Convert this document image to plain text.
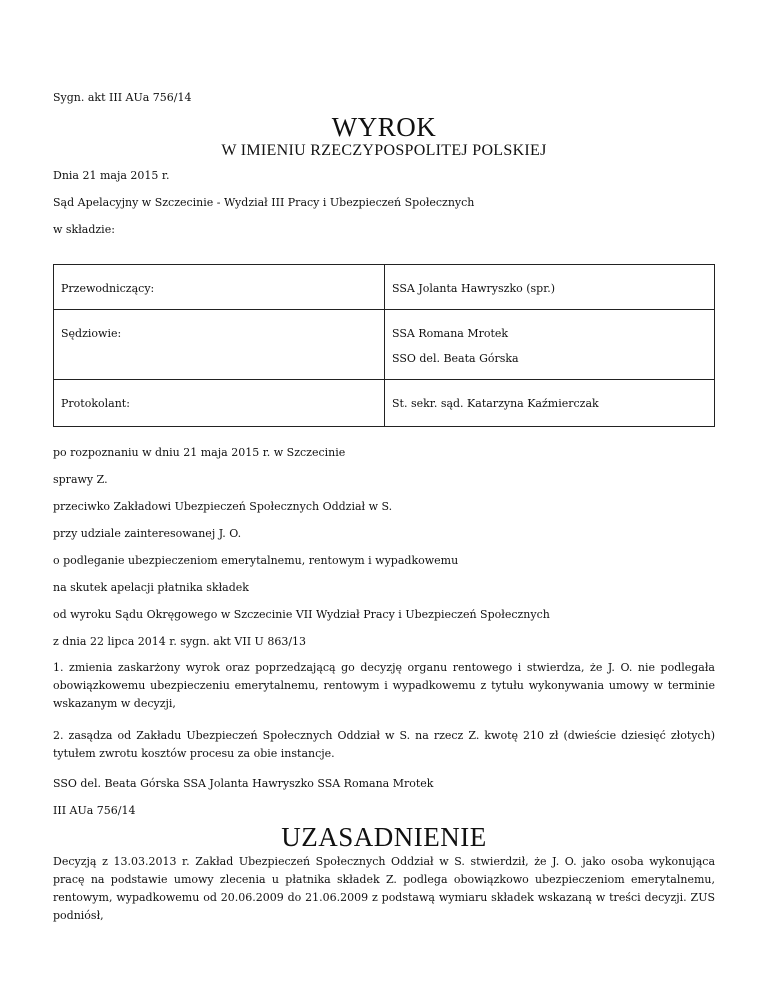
Sygn. akt III AUa 756/14
WYROK
W IMIENIU RZECZYPOSPOLITEJ POLSKIEJ
Dnia 21 maja 2015 r.
Sąd Apelacyjny w Szczecinie - Wydział III Pracy i Ubezpieczeń Społecznych
w składzie:
Przewodniczący:	SSA Jolanta Hawryszko (spr.)

Sędziowie:	SSA Romana Mrotek
SSO del. Beata Górska

Protokolant:	St. sekr. sąd. Katarzyna Kaźmierczak
po rozpoznaniu w dniu 21 maja 2015 r. w Szczecinie
sprawy Z.
przeciwko Zakładowi Ubezpieczeń Społecznych Oddział w S.
przy udziale zainteresowanej J. O.
o podleganie ubezpieczeniom emerytalnemu, rentowym i wypadkowemu
na skutek apelacji płatnika składek
od wyroku Sądu Okręgowego w Szczecinie VII Wydział Pracy i Ubezpieczeń Społecznych
z dnia 22 lipca 2014 r. sygn. akt VII U 863/13
1. zmienia zaskarżony wyrok oraz poprzedzającą go decyzję organu rentowego i stwierdza, że J. O. nie podlegała obowiązkowemu ubezpieczeniu emerytalnemu, rentowym i wypadkowemu z tytułu wykonywania umowy w terminie wskazanym w decyzji,
2. zasądza od Zakładu Ubezpieczeń Społecznych Oddział w S. na rzecz Z. kwotę 210 zł (dwieście dziesięć złotych) tytułem zwrotu kosztów procesu za obie instancje.
SSO del. Beata Górska SSA Jolanta Hawryszko SSA Romana Mrotek
III AUa 756/14
UZASADNIENIE
Decyzją z 13.03.2013 r. Zakład Ubezpieczeń Społecznych Oddział w S. stwierdził, że J. O. jako osoba wykonująca pracę na podstawie umowy zlecenia u płatnika składek Z. podlega obowiązkowo ubezpieczeniom emerytalnemu, rentowym, wypadkowemu od 20.06.2009 do 21.06.2009 z podstawą wymiaru składek wskazaną w treści decyzji. ZUS podniósł,
